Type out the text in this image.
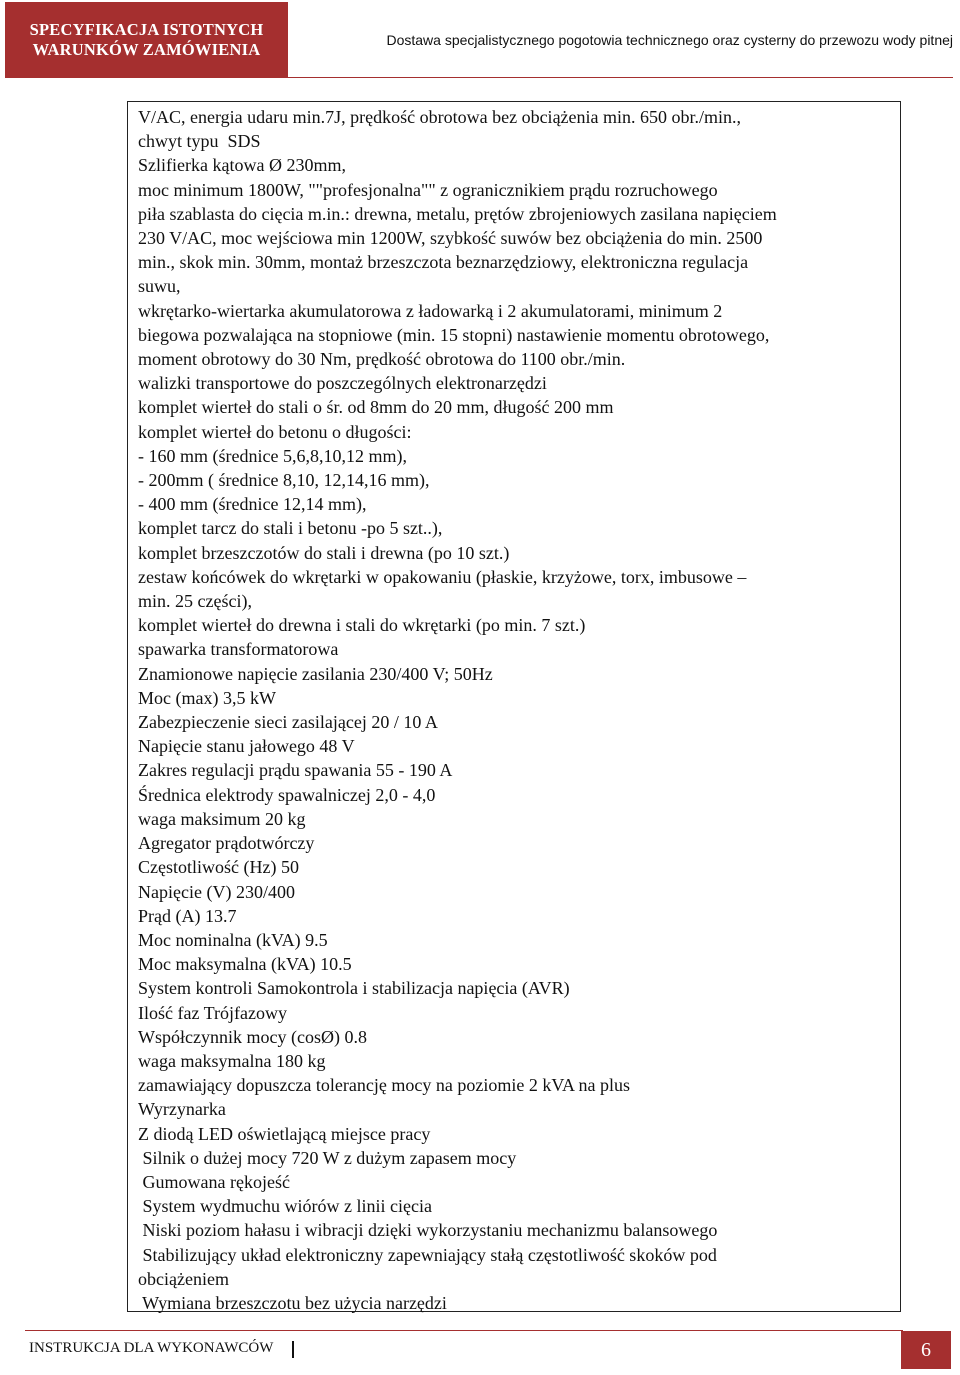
SPECYFIKACJA ISTOTNYCH
WARUNKÓW ZAMÓWIENIA	Dostawa specjalistycznego pogotowia technicznego oraz cysterny do przewozu wody pitnej
V/AC, energia udaru min.7J, prędkość obrotowa bez obciążenia min. 650 obr./min.,
chwyt typu  SDS
Szlifierka kątowa Ø 230mm,
moc minimum 1800W, ""profesjonalna"" z ogranicznikiem prądu rozruchowego
piła szablasta do cięcia m.in.: drewna, metalu, prętów zbrojeniowych zasilana napięciem
230 V/AC, moc wejściowa min 1200W, szybkość suwów bez obciążenia do min. 2500
min., skok min. 30mm, montaż brzeszczota beznarzędziowy, elektroniczna regulacja
suwu,
wkrętarko-wiertarka akumulatorowa z ładowarką i 2 akumulatorami, minimum 2
biegowa pozwalająca na stopniowe (min. 15 stopni) nastawienie momentu obrotowego,
moment obrotowy do 30 Nm, prędkość obrotowa do 1100 obr./min.
walizki transportowe do poszczególnych elektronarzędzi
komplet wierteł do stali o śr. od 8mm do 20 mm, długość 200 mm
komplet wierteł do betonu o długości:
- 160 mm (średnice 5,6,8,10,12 mm),
- 200mm ( średnice 8,10, 12,14,16 mm),
- 400 mm (średnice 12,14 mm),
komplet tarcz do stali i betonu -po 5 szt..),
komplet brzeszczotów do stali i drewna (po 10 szt.)
zestaw końcówek do wkrętarki w opakowaniu (płaskie, krzyżowe, torx, imbusowe –
min. 25 części),
komplet wierteł do drewna i stali do wkrętarki (po min. 7 szt.)
spawarka transformatorowa
Znamionowe napięcie zasilania 230/400 V; 50Hz
Moc (max) 3,5 kW
Zabezpieczenie sieci zasilającej 20 / 10 A
Napięcie stanu jałowego 48 V
Zakres regulacji prądu spawania 55 - 190 A
Średnica elektrody spawalniczej 2,0 - 4,0
waga maksimum 20 kg
Agregator prądotwórczy
Częstotliwość (Hz) 50
Napięcie (V) 230/400
Prąd (A) 13.7
Moc nominalna (kVA) 9.5
Moc maksymalna (kVA) 10.5
System kontroli Samokontrola i stabilizacja napięcia (AVR)
Ilość faz Trójfazowy
Współczynnik mocy (cosØ) 0.8
waga maksymalna 180 kg
zamawiający dopuszcza tolerancję mocy na poziomie 2 kVA na plus
Wyrzynarka
Z diodą LED oświetlającą miejsce pracy
Silnik o dużej mocy 720 W z dużym zapasem mocy
Gumowana rękojeść
System wydmuchu wiórów z linii cięcia
Niski poziom hałasu i wibracji dzięki wykorzystaniu mechanizmu balansowego
Stabilizujący układ elektroniczny zapewniający stałą częstotliwość skoków pod
obciążeniem
Wymiana brzeszczotu bez użycia narzędzi
INSTRUKCJA DLA WYKONAWCÓW	6
